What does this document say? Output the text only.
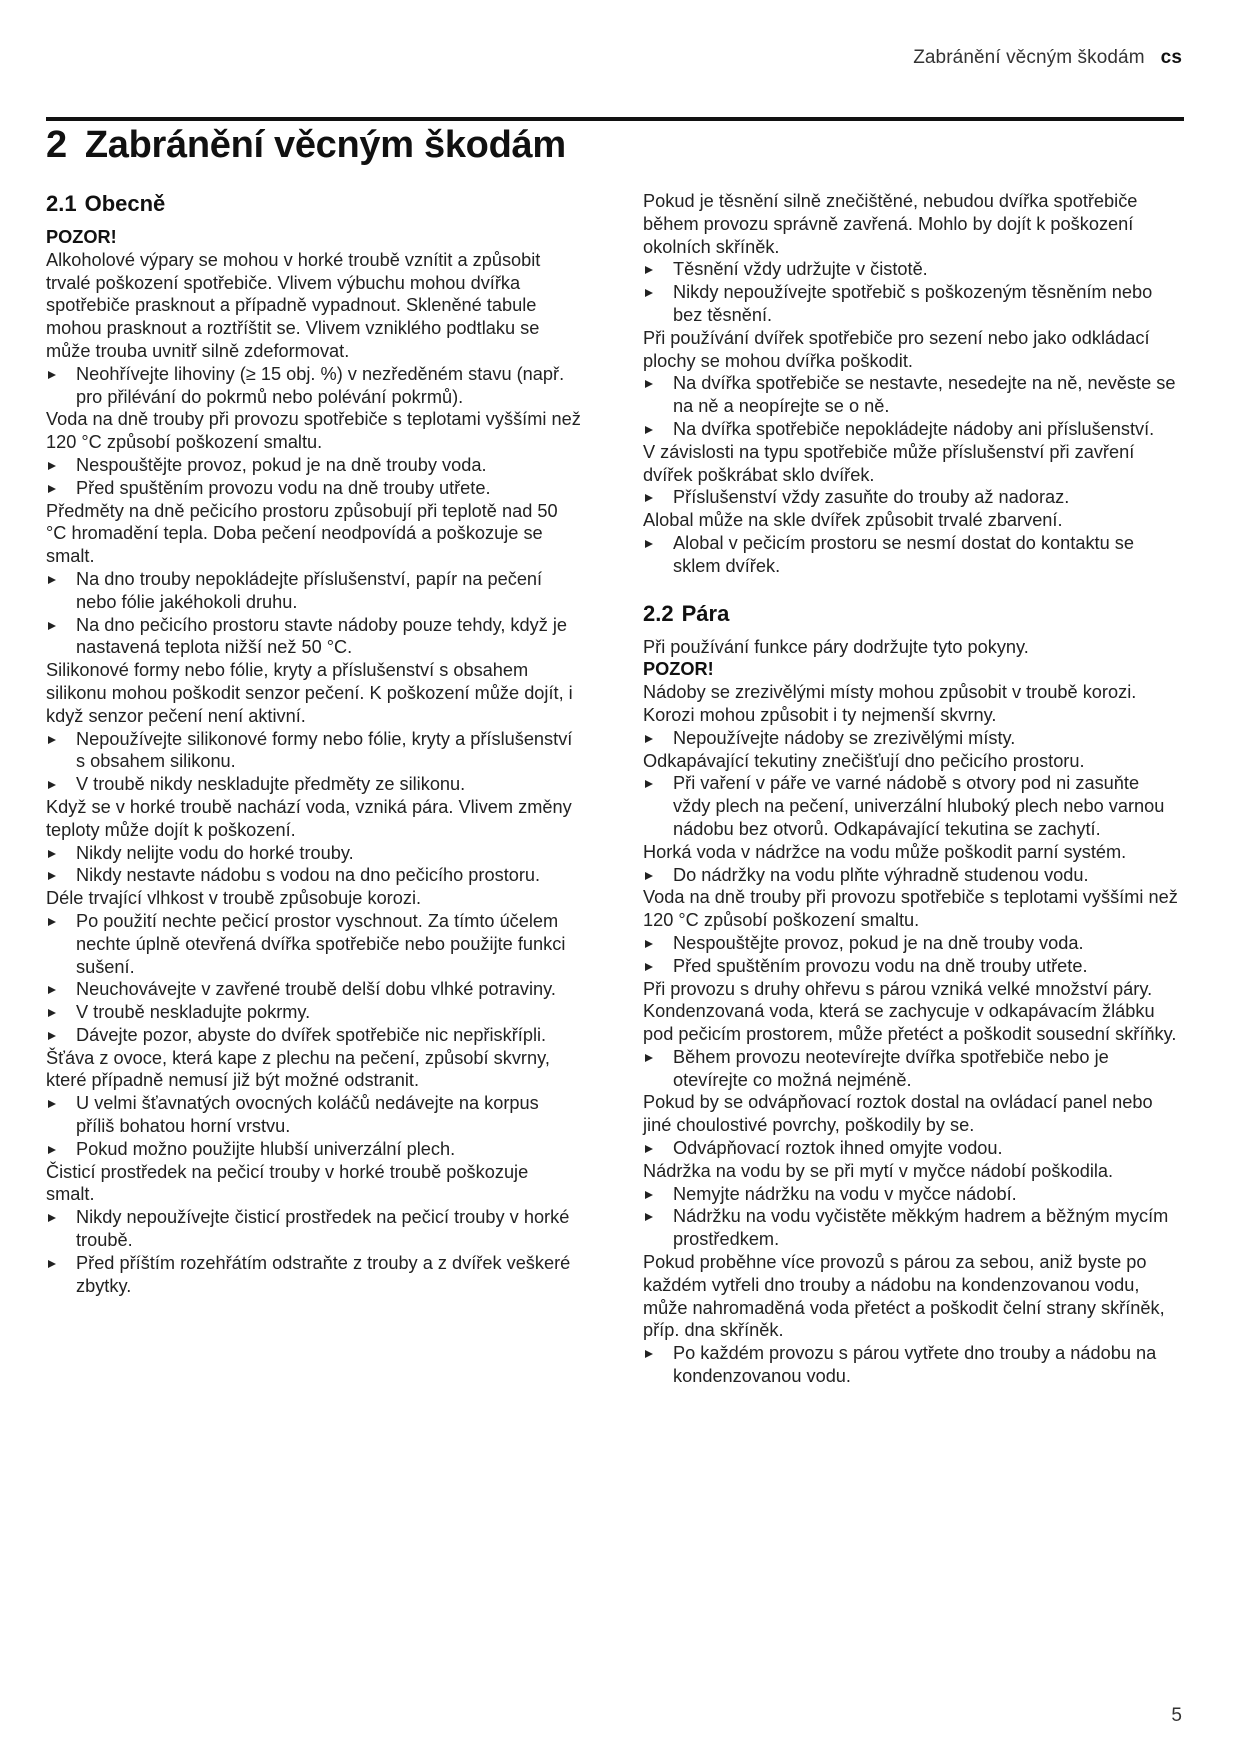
Zabránění věcným škodám cs
2 Zabránění věcným škodám
2.1 Obecně

POZOR!

Alkoholové výpary se mohou v horké troubě vznítit a způsobit trvalé poškození spotřebiče. Vlivem výbuchu mohou dvířka spotřebiče prasknout a případně vypadnout. Skleněné tabule mohou prasknout a roztříštit se. Vlivem vzniklého podtlaku se může trouba uvnitř silně zdeformovat.

Neohřívejte lihoviny (≥ 15 obj. %) v nezředěném stavu (např. pro přilévání do pokrmů nebo polévání pokrmů).

Voda na dně trouby při provozu spotřebiče s teplotami vyššími než 120 °C způsobí poškození smaltu.

Nespouštějte provoz, pokud je na dně trouby voda.
Před spuštěním provozu vodu na dně trouby utřete.

Předměty na dně pečicího prostoru způsobují při teplotě nad 50 °C hromadění tepla. Doba pečení neodpovídá a poškozuje se smalt.

Na dno trouby nepokládejte příslušenství, papír na pečení nebo fólie jakéhokoli druhu.
Na dno pečicího prostoru stavte nádoby pouze tehdy, když je nastavená teplota nižší než 50 °C.

Silikonové formy nebo fólie, kryty a příslušenství s obsahem silikonu mohou poškodit senzor pečení. K poškození může dojít, i když senzor pečení není aktivní.

Nepoužívejte silikonové formy nebo fólie, kryty a příslušenství s obsahem silikonu.
V troubě nikdy neskladujte předměty ze silikonu.

Když se v horké troubě nachází voda, vzniká pára. Vlivem změny teploty může dojít k poškození.

Nikdy nelijte vodu do horké trouby.
Nikdy nestavte nádobu s vodou na dno pečicího prostoru.

Déle trvající vlhkost v troubě způsobuje korozi.

Po použití nechte pečicí prostor vyschnout. Za tímto účelem nechte úplně otevřená dvířka spotřebiče nebo použijte funkci sušení.
Neuchovávejte v zavřené troubě delší dobu vlhké potraviny.
V troubě neskladujte pokrmy.
Dávejte pozor, abyste do dvířek spotřebiče nic nepřiskřípli.

Šťáva z ovoce, která kape z plechu na pečení, způsobí skvrny, které případně nemusí již být možné odstranit.

U velmi šťavnatých ovocných koláčů nedávejte na korpus příliš bohatou horní vrstvu.
Pokud možno použijte hlubší univerzální plech.

Čisticí prostředek na pečicí trouby v horké troubě poškozuje smalt.

Nikdy nepoužívejte čisticí prostředek na pečicí trouby v horké troubě.
Před příštím rozehřátím odstraňte z trouby a z dvířek veškeré zbytky.

Pokud je těsnění silně znečištěné, nebudou dvířka spotřebiče během provozu správně zavřená. Mohlo by dojít k poškození okolních skříněk.

Těsnění vždy udržujte v čistotě.
Nikdy nepoužívejte spotřebič s poškozeným těsněním nebo bez těsnění.

Při používání dvířek spotřebiče pro sezení nebo jako odkládací plochy se mohou dvířka poškodit.

Na dvířka spotřebiče se nestavte, nesedejte na ně, nevěste se na ně a neopírejte se o ně.
Na dvířka spotřebiče nepokládejte nádoby ani příslušenství.

V závislosti na typu spotřebiče může příslušenství při zavření dvířek poškrábat sklo dvířek.

Příslušenství vždy zasuňte do trouby až nadoraz.

Alobal může na skle dvířek způsobit trvalé zbarvení.

Alobal v pečicím prostoru se nesmí dostat do kontaktu se sklem dvířek.
2.2 Pára

Při používání funkce páry dodržujte tyto pokyny.

POZOR!

Nádoby se zrezivělými místy mohou způsobit v troubě korozi. Korozi mohou způsobit i ty nejmenší skvrny.

Nepoužívejte nádoby se zrezivělými místy.

Odkapávající tekutiny znečišťují dno pečicího prostoru.

Při vaření v páře ve varné nádobě s otvory pod ni zasuňte vždy plech na pečení, univerzální hluboký plech nebo varnou nádobu bez otvorů. Odkapávající tekutina se zachytí.

Horká voda v nádržce na vodu může poškodit parní systém.

Do nádržky na vodu plňte výhradně studenou vodu.

Voda na dně trouby při provozu spotřebiče s teplotami vyššími než 120 °C způsobí poškození smaltu.

Nespouštějte provoz, pokud je na dně trouby voda.
Před spuštěním provozu vodu na dně trouby utřete.

Při provozu s druhy ohřevu s párou vzniká velké množství páry. Kondenzovaná voda, která se zachycuje v odkapávacím žlábku pod pečicím prostorem, může přetéct a poškodit sousední skříňky.

Během provozu neotevírejte dvířka spotřebiče nebo je otevírejte co možná nejméně.

Pokud by se odvápňovací roztok dostal na ovládací panel nebo jiné choulostivé povrchy, poškodily by se.

Odvápňovací roztok ihned omyjte vodou.

Nádržka na vodu by se při mytí v myčce nádobí poškodila.

Nemyjte nádržku na vodu v myčce nádobí.
Nádržku na vodu vyčistěte měkkým hadrem a běžným mycím prostředkem.

Pokud proběhne více provozů s párou za sebou, aniž byste po každém vytřeli dno trouby a nádobu na kondenzovanou vodu, může nahromaděná voda přetéct a poškodit čelní strany skříněk, příp. dna skříněk.

Po každém provozu s párou vytřete dno trouby a nádobu na kondenzovanou vodu.
5
